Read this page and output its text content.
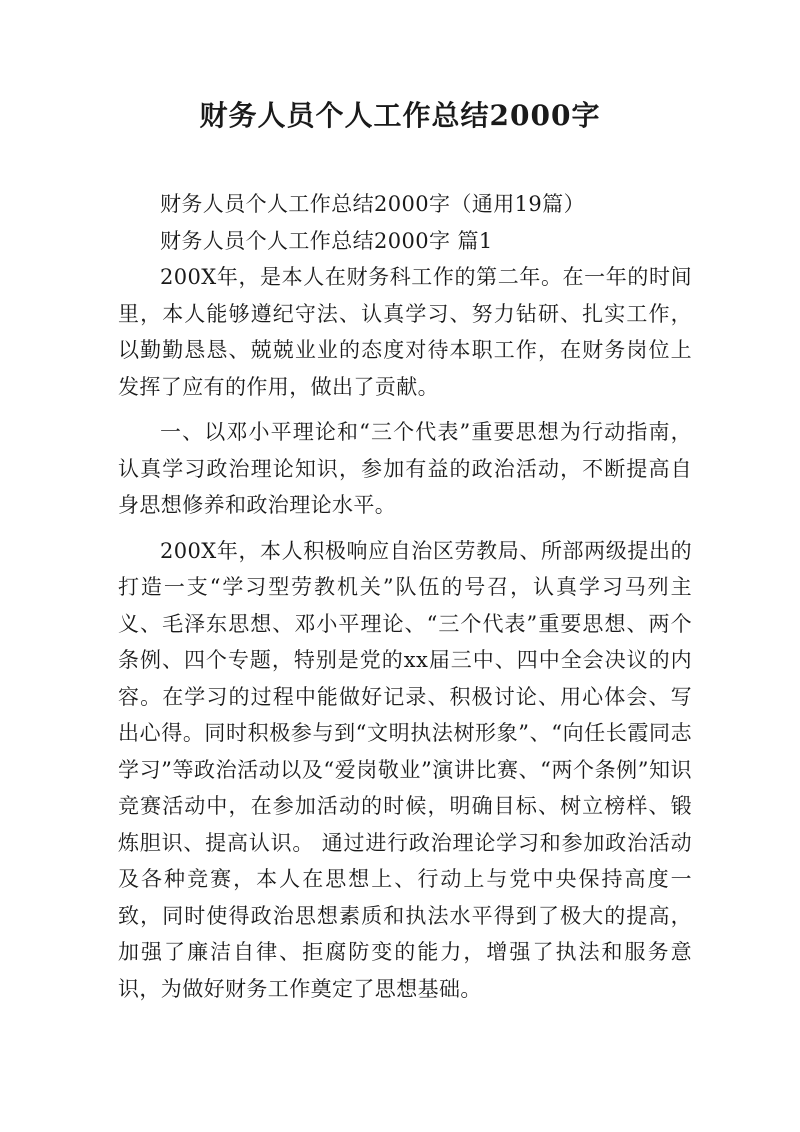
财务人员个人工作总结2000字

财务人员个人工作总结2000字（通用19篇）

财务人员个人工作总结2000字 篇1

200X年，是本人在财务科工作的第二年。在一年的时间里，本人能够遵纪守法、认真学习、努力钻研、扎实工作，以勤勤恳恳、兢兢业业的态度对待本职工作，在财务岗位上发挥了应有的作用，做出了贡献。

一、以邓小平理论和“三个代表”重要思想为行动指南，认真学习政治理论知识，参加有益的政治活动，不断提高自身思想修养和政治理论水平。

200X年，本人积极响应自治区劳教局、所部两级提出的打造一支“学习型劳教机关”队伍的号召，认真学习马列主义、毛泽东思想、邓小平理论、“三个代表”重要思想、两个条例、四个专题，特别是党的xx届三中、四中全会决议的内容。在学习的过程中能做好记录、积极讨论、用心体会、写出心得。同时积极参与到“文明执法树形象”、“向任长霞同志学习”等政治活动以及“爱岗敬业”演讲比赛、“两个条例”知识竞赛活动中，在参加活动的时候，明确目标、树立榜样、锻炼胆识、提高认识。 通过进行政治理论学习和参加政治活动及各种竞赛，本人在思想上、行动上与党中央保持高度一致，同时使得政治思想素质和执法水平得到了极大的提高，加强了廉洁自律、拒腐防变的能力，增强了执法和服务意识，为做好财务工作奠定了思想基础。
